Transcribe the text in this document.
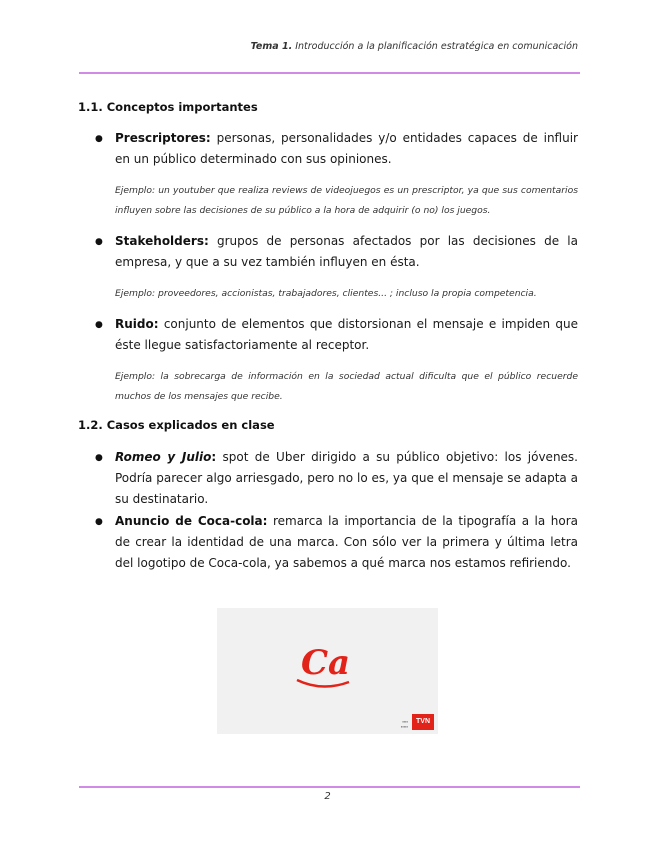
Tema 1. Introducción a la planificación estratégica en comunicación
1.1. Conceptos importantes
● Prescriptores: personas, personalidades y/o entidades capaces de influir en un público determinado con sus opiniones.
Ejemplo: un youtuber que realiza reviews de videojuegos es un prescriptor, ya que sus comentarios influyen sobre las decisiones de su público a la hora de adquirir (o no) los juegos.
● Stakeholders: grupos de personas afectados por las decisiones de la empresa, y que a su vez también influyen en ésta.
Ejemplo: proveedores, accionistas, trabajadores, clientes... ; incluso la propia competencia.
● Ruido: conjunto de elementos que distorsionan el mensaje e impiden que éste llegue satisfactoriamente al receptor.
Ejemplo: la sobrecarga de información en la sociedad actual dificulta que el público recuerde muchos de los mensajes que recibe.
1.2. Casos explicados en clase
● Romeo y Julio: spot de Uber dirigido a su público objetivo: los jóvenes. Podría parecer algo arriesgado, pero no lo es, ya que el mensaje se adapta a su destinatario.
● Anuncio de Coca-cola: remarca la importancia de la tipografía a la hora de crear la identidad de una marca. Con sólo ver la primera y última letra del logotipo de Coca-cola, ya sabemos a qué marca nos estamos refiriendo.
Ca
▪▪▪▪
▪▪▪▪▪
TVN
2
